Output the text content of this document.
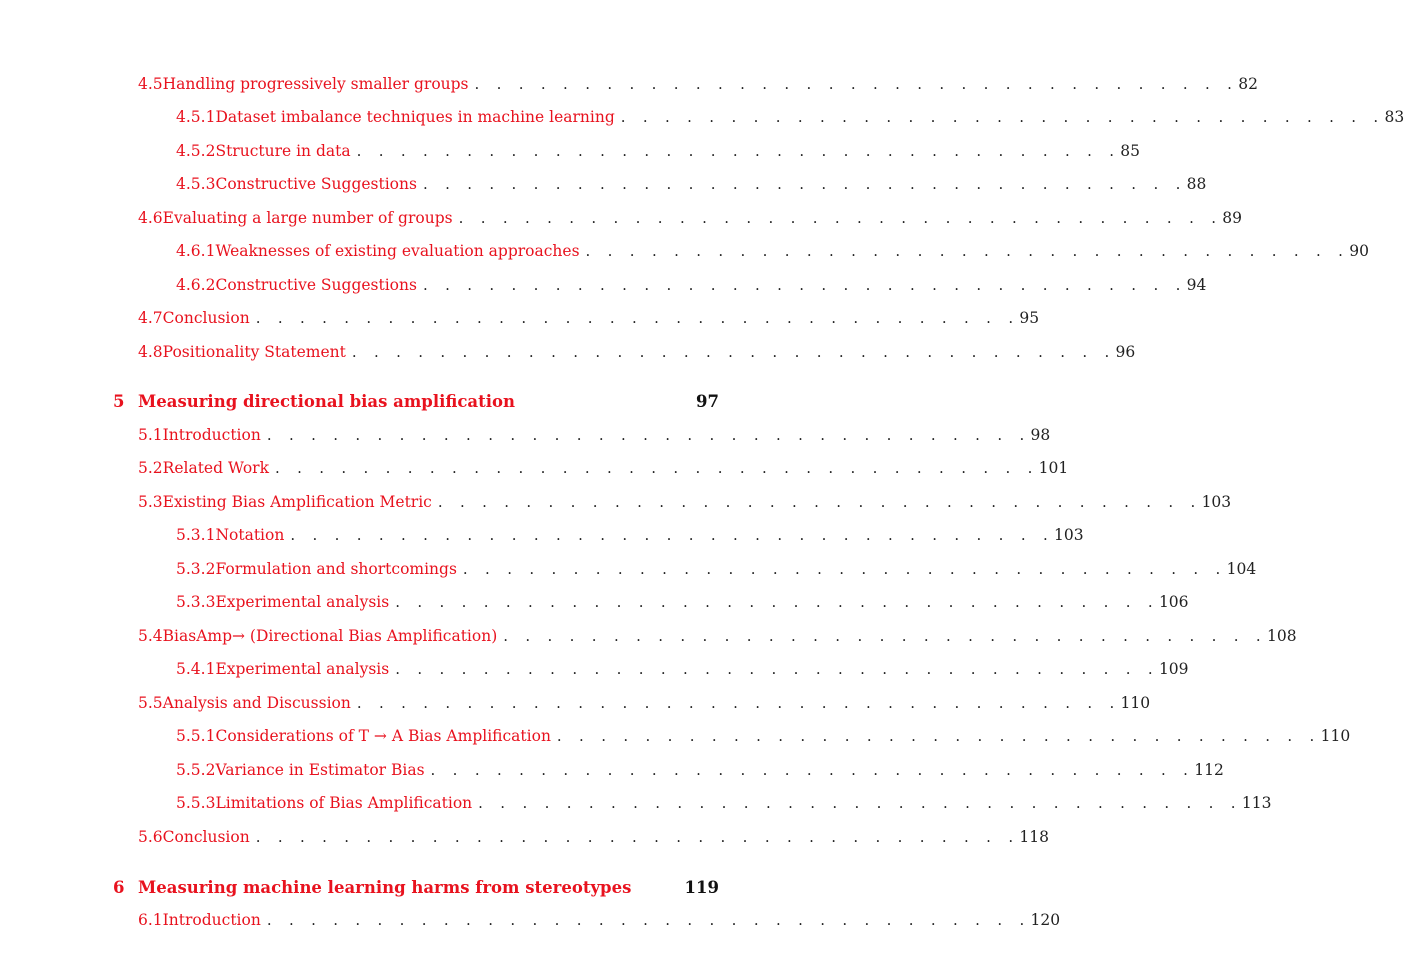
4.5 Handling progressively smaller groups . . . . . . . . . . . . . . . . . . . . . . . . . . . . . . . . . . . 82
4.5.1 Dataset imbalance techniques in machine learning . . . . . . . . . . . . . . . . . . . . . . . . . . . . . . . . . . . 83
4.5.2 Structure in data . . . . . . . . . . . . . . . . . . . . . . . . . . . . . . . . . . . 85
4.5.3 Constructive Suggestions . . . . . . . . . . . . . . . . . . . . . . . . . . . . . . . . . . . 88
4.6 Evaluating a large number of groups . . . . . . . . . . . . . . . . . . . . . . . . . . . . . . . . . . . 89
4.6.1 Weaknesses of existing evaluation approaches . . . . . . . . . . . . . . . . . . . . . . . . . . . . . . . . . . . 90
4.6.2 Constructive Suggestions . . . . . . . . . . . . . . . . . . . . . . . . . . . . . . . . . . . 94
4.7 Conclusion . . . . . . . . . . . . . . . . . . . . . . . . . . . . . . . . . . . 95
4.8 Positionality Statement . . . . . . . . . . . . . . . . . . . . . . . . . . . . . . . . . . . 96
5 Measuring directional bias amplification	97
5.1 Introduction . . . . . . . . . . . . . . . . . . . . . . . . . . . . . . . . . . . 98
5.2 Related Work . . . . . . . . . . . . . . . . . . . . . . . . . . . . . . . . . . . 101
5.3 Existing Bias Amplification Metric . . . . . . . . . . . . . . . . . . . . . . . . . . . . . . . . . . . 103
5.3.1 Notation . . . . . . . . . . . . . . . . . . . . . . . . . . . . . . . . . . . 103
5.3.2 Formulation and shortcomings . . . . . . . . . . . . . . . . . . . . . . . . . . . . . . . . . . . 104
5.3.3 Experimental analysis . . . . . . . . . . . . . . . . . . . . . . . . . . . . . . . . . . . 106
5.4 BiasAmp→ (Directional Bias Amplification) . . . . . . . . . . . . . . . . . . . . . . . . . . . . . . . . . . . 108
5.4.1 Experimental analysis . . . . . . . . . . . . . . . . . . . . . . . . . . . . . . . . . . . 109
5.5 Analysis and Discussion . . . . . . . . . . . . . . . . . . . . . . . . . . . . . . . . . . . 110
5.5.1 Considerations of T → A Bias Amplification . . . . . . . . . . . . . . . . . . . . . . . . . . . . . . . . . . . 110
5.5.2 Variance in Estimator Bias . . . . . . . . . . . . . . . . . . . . . . . . . . . . . . . . . . . 112
5.5.3 Limitations of Bias Amplification . . . . . . . . . . . . . . . . . . . . . . . . . . . . . . . . . . . 113
5.6 Conclusion . . . . . . . . . . . . . . . . . . . . . . . . . . . . . . . . . . . 118
6 Measuring machine learning harms from stereotypes	119
6.1 Introduction . . . . . . . . . . . . . . . . . . . . . . . . . . . . . . . . . . . 120
